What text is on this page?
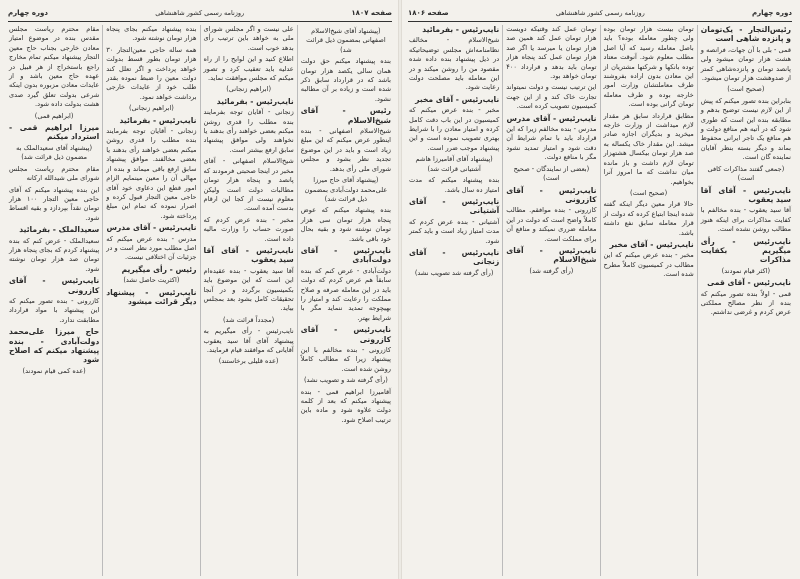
صفحه ۱۸۰۷
روزنامه رسمی کشور شاهنشاهی
دوره چهارم

(پیشنهاد آقای شیخ‌الاسلام اصفهانی بمضمون ذیل قرائت شد)

بنده پیشنهاد میکنم حق دولت همان سالی یکصد هزار تومان باشد که در قرارداد سابق ذکر شده است و زیاده بر آن مطالبه نشود.

رئیس - آقای شیخ‌الاسلام

شیخ‌الاسلام اصفهانی - بنده اینطور عرض میکنم که این مبلغ زیاد است و باید در این موضوع تجدید نظر بشود و مجلس شورای ملی رأی بدهد.

(پیشنهاد آقای حاج میرزا علی‌محمد دولت‌آبادی بمضمون ذیل قرائت شد)

بنده پیشنهاد میکنم که عوض پنجاه هزار تومان سی هزار تومان نوشته شود و بقیه بحال خود باقی باشد.

نایب‌رئیس - آقای دولت‌آبادی

دولت‌آبادی - عرض کنم که بنده سابقاً هم عرض کردم که دولت باید در این معامله صرفه و صلاح مملکت را رعایت کند و امتیاز را بهیچوجه تمدید ننماید مگر با شرایط بهتر.

نایب‌رئیس - آقای کازرونی

کازرونی - بنده مخالفم با این پیشنهاد زیرا که مطالب کاملاً روشن شده است.

(رأی گرفته شد و تصویب نشد)

آقامیرزا ابراهیم قمی - بنده پیشنهاد میکنم که بعد از کلمه دولت علاوه شود و ماده باین ترتیب اصلاح شود.

علی نیست و اگر مجلس شورای ملی به خواهد باین ترتیب رأی بدهد خوب است.

اطلاع کنید و این لوایح را از راه عدلیه باید تعقیب کرد و تصور میکنم که مجلس موافقت نماید.

(ابراهیم زنجانی)

نایب‌رئیس - بفرمائید

زنجانی - آقایان توجه بفرمایند بنده مطلب را قدری روشن میکنم بعضی خواهند رأی بدهند یا نخواهند ولی موافق پیشنهاد سابق ارفع بیشتر است.

شیخ‌الاسلام اصفهانی - آقای مخبر در اینجا صحبتی فرمودند که پانصد و پنجاه هزار تومان مطالبات دولت است ولیکن معلوم نیست از کجا این ارقام بدست آمده است.

مخبر - بنده عرض کردم که صورت حساب را وزارت مالیه داده است.

نایب‌رئیس - آقای آقا سید یعقوب

آقا سید یعقوب - بنده عقیده‌ام این است که این موضوع باید بکمیسیون برگردد و در آنجا تحقیقات کامل بشود بعد بمجلس بیاید.

(مجدداً قرائت شد)

نایب‌رئیس - رأی میگیریم به پیشنهاد آقای آقا سید یعقوب آقایانی که موافقند قیام فرمایند.

(عده قلیلی برخاستند)

بنده پیشنهاد میکنم بجای پنجاه هزار تومان نوشته شود.

همه ساله حاجی معین‌التجار ۳۰ هزار تومان بطور قسط بدولت خواهد پرداخت و اگر تعلل کند دولت معین را ضبط نموده بقدر طلب خود از عایدات خارجی برداشت خواهد نمود.

(ابراهیم زنجانی)

نایب‌رئیس - بفرمائید

زنجانی - آقایان توجه بفرمایند بنده مطلب را قدری روشن میکنم بعضی خواهند رأی بدهند یا بعضی مخالفند. موافق پیشنهاد سابق ارفع باقی میماند و بنده از مهالی آن را معین مینمایم الزام امور قطع این دعاوی خود آقای حاجی معین التجار قبول کرده و اصرار نموده که تمام این مبلغ پرداخته شود.

نایب‌رئیس - آقای مدرس

مدرس - بنده عرض میکنم که اصل مطلب مورد نظر است و در جزئیات آن اختلافی نیست.

رئیس - رأی میگیریم

(اکثریت حاصل نشد)

نایب‌رئیس - پیشنهاد دیگر قرائت میشود

مقام محترم ریاست مجلس مقدس بنده در موضوع امتیاز معادن خارجی بجناب حاج معین التجار پیشنهاد میکنم تمام مخارج راجع باستخراج از هر قبیل در عهده حاج معین باشد و از عایدات معادن مزبوره بدون اینکه شرعی بدولت تعلق گیرد صدی هشت بدولت داده شود.

(ابراهیم قمی)

میرزا ابراهیم قمی - استرداد میکنم

(پیشنهاد آقای سعیدالملک به مضمون ذیل قرائت شد)

مقام محترم ریاست مجلس شورای ملی شیدالله ارکانه

این بنده پیشنهاد میکنم که آقای حاجی معین التجار ۱۰۰ هزار تومان نقداً بپردازد و بقیه اقساط شود.

سعیدالملک - بفرمائید

سعیدالملک - عرض کنم که بنده پیشنهاد کردم که بجای پنجاه هزار تومان صد هزار تومان نوشته شود.

نایب‌رئیس - آقای کازرونی

کازرونی - بنده تصور میکنم که این پیشنهاد با مواد قرارداد مطابقت ندارد.

حاج میرزا علی‌محمد دولت‌آبادی - بنده پیشنهاد میکنم که اصلاح شود

(عده کمی قیام نمودند)

دوره چهارم
روزنامه رسمی کشور شاهنشاهی
صفحه ۱۸۰۶

رئیس‌التجار - یک‌تومان و پانزده شاهی است

قمی - بلی با آن جهات، فرانصه و هشت هزار تومان میشود ولی پانصد تومان و پانزده‌شاهی کمتر از صدوهشت هزار تومان میشود.

(صحیح است)

بنابراین بنده تصور میکنم که پیش از این لازم نیست توضیح بدهم و مطابقه بنده این است که طوری شود که در آتیه هم منافع دولت و هم منافع یک تاجر ایرانی محفوظ بماند و دیگر بسته بنظر آقایان نماینده گان است.

(جمعی گفتند مذاکرات کافی است)

نایب‌رئیس - آقای آقا سید یعقوب

آقا سید یعقوب - بنده مخالفم با کفایت مذاکرات برای اینکه هنوز مطالب روشن نشده است.

نایب‌رئیس - رأی میگیریم بکفایت مذاکرات

(اکثر قیام نمودند)

نایب‌رئیس - آقای قمی

قمی - اولاً بنده تصور میکنم که بنده از نظر مصالح مملکتی عرض کردم و غرضی نداشتم.

تومان بیست هزار تومان بوده ولی چطور معامله بوده؟ باید باصل معامله رسید که آیا اصل مطلب معلوم شود. آنوقت معتاد توده بانکها و شرکتها مشتریان از این معادن بدون اراده بفروشند طرف معاملتشان وزارت امور خارجه بوده و طرف معامله تومان گرانی بوده است.

مطابق قرارداد سابق هر مقدار لازم میداشت از وزارت خارجه میخرید و بدیگران اجازه صادر میشد. این مقدار خاک یکساله به‌ صد هزار تومان بیکسال هشتهزار تومان لازم داشت و باز مانده میان نداشت که ما امروز آنرا بخواهیم.

(صحیح است)

حالا قرار معین دیگر اینکه گفته شده اینجا ابتیاع کرده که دولت از قرار معامله سابق نفع داشته باشد.

نایب‌رئیس - آقای مخبر

مخبر - بنده عرض میکنم که این مطالب در کمیسیون کاملاً مطرح شده است.

تومان عمل کند وقتیکه دویست هزار تومان عمل کند همین صد هزار تومان یا میرسد یا اگر صد هزار تومان عمل کند پنجاه هزار تومان باید بدهد و قرارداد ۴۰۰ تومان خواهد بود.

این ترتیب نیست و دولت نمیتواند تجارت خاک کند و از این جهت کمیسیون تصویب کرده است.

نایب‌رئیس - آقای مدرس

مدرس - بنده مخالفم زیرا که این قرارداد باید با تمام شرایط آن دقت شود و امتیاز تمدید نشود مگر با منافع دولت.

(بعضی از نمایندگان - صحیح است)

نایب‌رئیس - آقای کازرونی

کازرونی - بنده موافقم. مطالب کاملاً واضح است که دولت در این معامله ضرری نمیکند و منافع آن برای مملکت است.

نایب‌رئیس - آقای شیخ‌الاسلام

(رأی گرفته شد)

نایب‌رئیس - بفرمائید

شیخ‌الاسلام - مخالف نظامنامه‌اش مجلس توضیحاتیکه در ذیل پیشنهاد بنده داده شده مقصود من را روشن میکند و در این معامله باید مصلحت دولت رعایت شود.

نایب‌رئیس - آقای مخبر

مخبر - بنده عرض میکنم که کمیسیون در این باب دقت کامل کرده و امتیاز معادن را با شرایط بهتری تصویب نموده است و این پیشنهاد موجب ضرر است.

(پیشنهاد آقای آقامیرزا هاشم آشتیانی قرائت شد)

بنده پیشنهاد میکنم که مدت امتیاز ده سال باشد.

نایب‌رئیس - آقای آشتیانی

آشتیانی - بنده عرض کردم که مدت امتیاز زیاد است و باید کمتر شود.

نایب‌رئیس - آقای زنجانی

(رأی گرفته شد تصویب نشد)
